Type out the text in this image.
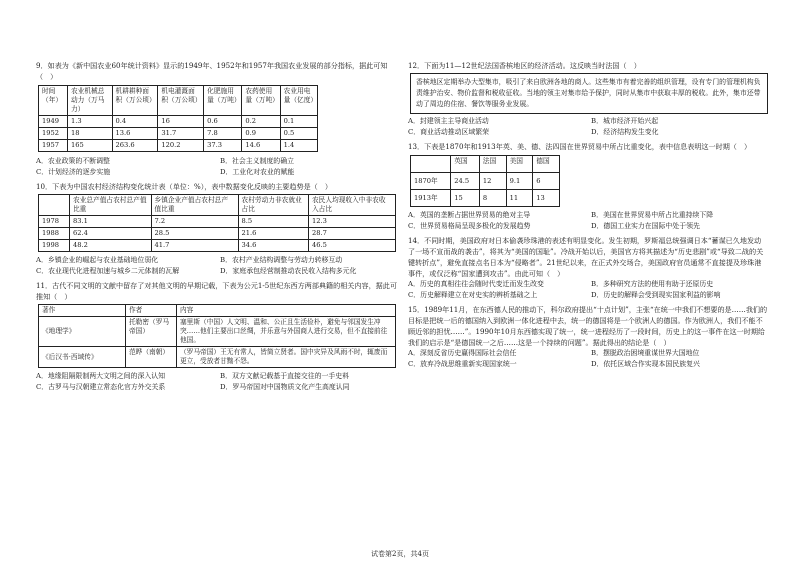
9．如表为《新中国农业60年统计资料》显示的1949年、1952年和1957年我国农业发展的部分指标，据此可知（　）

时间（年）	农业机械总动力（万马力）	机耕耕种面积（万公顷）	机电灌溉面积（万公顷）	化肥施用量（万吨）	农药使用量（万吨）	农业用电量（亿度）
1949	1.3	0.4	16	0.6	0.2	0.1
1952	18	13.6	31.7	7.8	0.9	0.5
1957	165	263.6	120.2	37.3	14.6	1.4
A．农业政策的不断调整	B．社会主义制度的确立
C．计划经济的逐步实施	D．工业化对农业的赋能

10．下表为中国农村经济结构变化统计表（单位：%），表中数据变化反映的主要趋势是（　）

	农业总产值占农村总产值比重	乡镇企业产值占农村总产值比重	农村劳动力非农就业占比	农民人均现收入中非农收入占比
1978	83.1	7.2	8.5	12.3
1988	62.4	28.5	21.6	28.7
1998	48.2	41.7	34.6	46.5
A．乡镇企业的崛起与农业基础地位弱化	B．农村产业结构调整与劳动力转移互动
C．农业现代化进程加速与城乡二元体制的瓦解	D．家庭承包经营制推动农民收入结构多元化

11．古代不同文明的文献中留存了对其他文明的早期记载，下表为公元1-5世纪东西方两部典籍的相关内容，据此可推知（　）

著作	作者	内容
《地理学》	托勒密（罗马帝国）	塞里斯（中国）人文明、温和、公正且生活俭朴，避免与邻国发生冲突……他们主要出口丝绸，并乐意与外国商人进行交易，但不直接前往他国。
《后汉书·西域传》	范晔（南朝）	（罗马帝国）王无有常人，皆简立贤者。国中灾异及风雨不时，辄废而更立，受放者甘黜不怨。
A．地缘阻隔限制两大文明之间的深入认知	B．双方文献记载基于直接交往的一手史料
C．古罗马与汉朝建立常态化官方外交关系	D．罗马帝国对中国物质文化产生高度认同

12．下面为11—12世纪法国香槟地区的经济活动。这反映当时法国（　）

香槟地区定期举办大型集市，吸引了来自欧洲各地的商人。这些集市有着完善的组织管理，设有专门的管理机构负责维护治安、物价监督和税收征收。当地的领主对集市给予保护，同时从集市中获取丰厚的税收。此外，集市还带动了周边的住宿、餐饮等服务业发展。
A．封建领主主导商业活动	B．城市经济开始兴起
C．商业活动推动区域繁荣	D．经济结构发生变化

13．下表是1870年和1913年英、美、德、法四国在世界贸易中所占比重变化，表中信息表明这一时期（　）

	英国	法国	美国	德国
1870年	24.5	12	9.1	6
1913年	15	8	11	13
A．英国的垄断占据世界贸易的绝对主导	B．美国在世界贸易中所占比重持续下降
C．世界贸易格局呈现多极化的发展趋势	D．德国工业实力在国际中处于领先

14．不同时期，美国政府对日本偷袭珍珠港的表述有明显变化。发生初期，罗斯福总统强调日本“蓄谋已久地发动了一场不宣而战的袭击”，将其为“美国的国耻”。冷战开始以后，美国官方将其描述为“历史悲剧”或“导致二战的关键转折点”，避免直接点名日本为“侵略者”。21世纪以来，在正式外交场合，美国政府官员通常不直接提及珍珠港事件，或仅泛称“国家遭到攻击”。由此可知（　）

A．历史的真相往往会随时代变迁而发生改变	B．多种研究方法的使用有助于还原历史
C．历史解释建立在对史实的辨析基础之上	D．历史的解释会受到现实国家利益的影响

15．1989年11月，在东西德人民的推动下，科尔政府提出“十点计划”，主张“在统一中我们不想要的是……我们的目标是把统一后的德国纳入到欧洲一体化进程中去，统一的德国将是一个欧洲人的德国。作为欧洲人，我们不能不顾近邻的担忧……”。1990年10月东西德实现了统一，统一进程经历了一段时间，历史上的这一事件在这一时期给我们的启示是“是德国统一之后……这是一个持续的问题”。据此得出的结论是（　）

A．深刻反省历史赢得国际社会信任	B．摆脱政治困境重谋世界大国地位
C．放弃冷战思维重新实现国家统一	D．依托区域合作实现本国民族复兴
试卷第2页，共4页
